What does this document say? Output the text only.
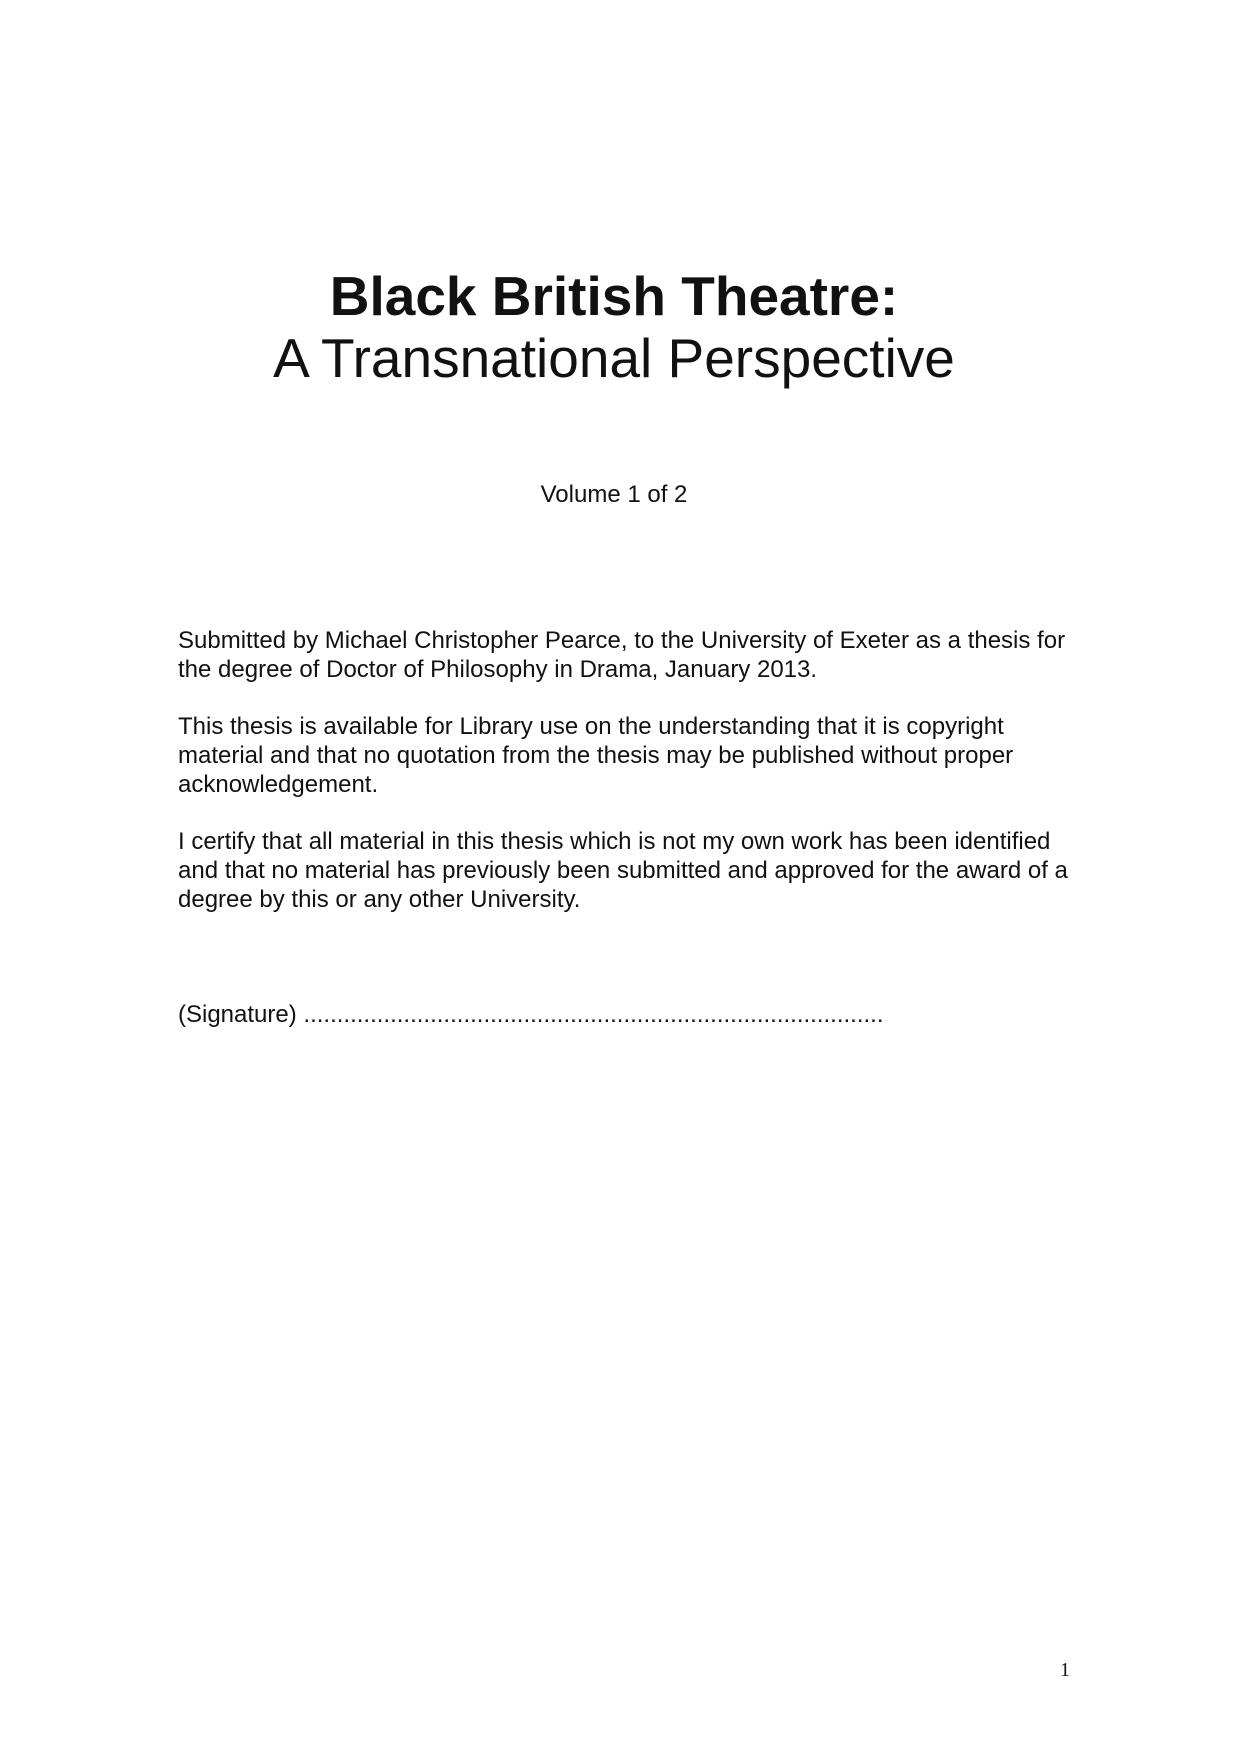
Black British Theatre:
A Transnational Perspective

Volume 1 of 2

Submitted by Michael Christopher Pearce, to the University of Exeter as a thesis for the degree of Doctor of Philosophy in Drama, January 2013.

This thesis is available for Library use on the understanding that it is copyright material and that no quotation from the thesis may be published without proper acknowledgement.

I certify that all material in this thesis which is not my own work has been identified and that no material has previously been submitted and approved for the award of a degree by this or any other University.

(Signature) .......................................................................................

1
